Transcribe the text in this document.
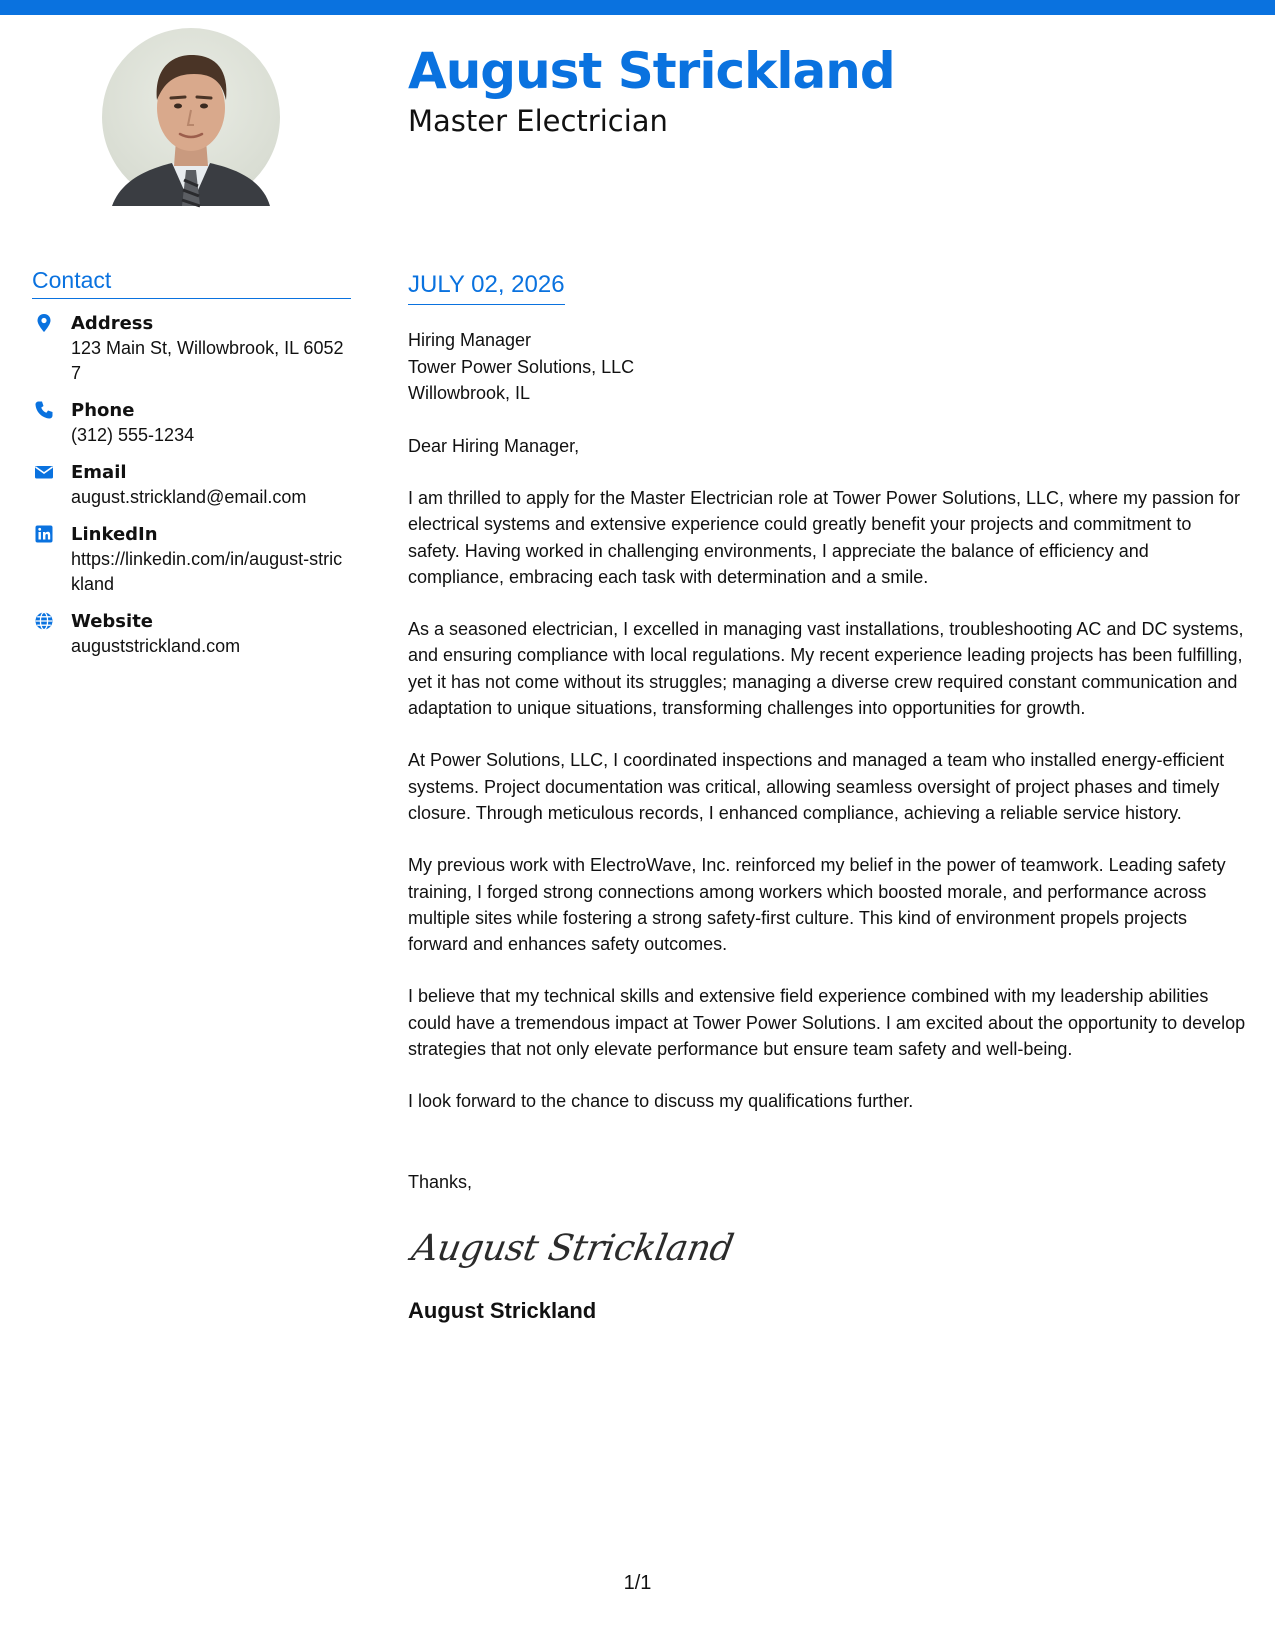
August Strickland
Master Electrician
Contact
Address
123 Main St, Willowbrook, IL 60527
Phone
(312) 555-1234
Email
august.strickland@email.com
LinkedIn
https://linkedin.com/in/august-strickland
Website
auguststrickland.com
JULY 02, 2026
Hiring Manager
Tower Power Solutions, LLC
Willowbrook, IL
Dear Hiring Manager,

I am thrilled to apply for the Master Electrician role at Tower Power Solutions, LLC, where my passion for electrical systems and extensive experience could greatly benefit your projects and commitment to safety. Having worked in challenging environments, I appreciate the balance of efficiency and compliance, embracing each task with determination and a smile.

As a seasoned electrician, I excelled in managing vast installations, troubleshooting AC and DC systems, and ensuring compliance with local regulations. My recent experience leading projects has been fulfilling, yet it has not come without its struggles; managing a diverse crew required constant communication and adaptation to unique situations, transforming challenges into opportunities for growth.

At Power Solutions, LLC, I coordinated inspections and managed a team who installed energy-efficient systems. Project documentation was critical, allowing seamless oversight of project phases and timely closure. Through meticulous records, I enhanced compliance, achieving a reliable service history.

My previous work with ElectroWave, Inc. reinforced my belief in the power of teamwork. Leading safety training, I forged strong connections among workers which boosted morale, and performance across multiple sites while fostering a strong safety-first culture. This kind of environment propels projects forward and enhances safety outcomes.

I believe that my technical skills and extensive field experience combined with my leadership abilities could have a tremendous impact at Tower Power Solutions. I am excited about the opportunity to develop strategies that not only elevate performance but ensure team safety and well-being.

I look forward to the chance to discuss my qualifications further.

Thanks,
August Strickland
August Strickland
1/1
